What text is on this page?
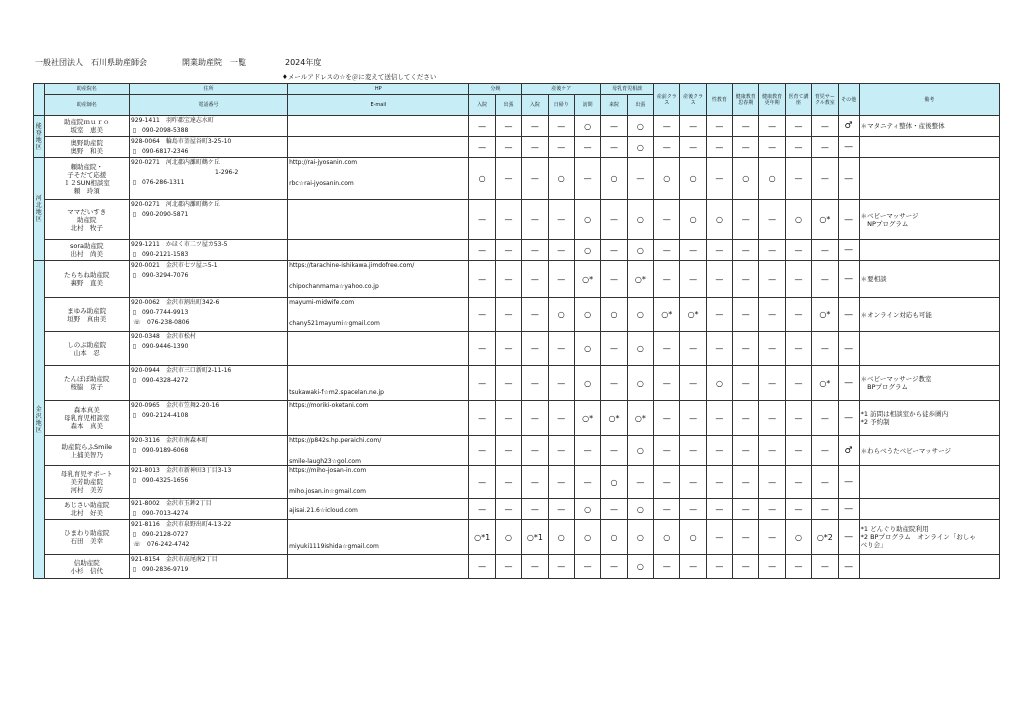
一般社団法人　石川県助産師会	開業助産院　一覧	2024年度
♦メールアドレスの☆を＠に変えて送信してください
	助産院名	住所	HP	分娩		産後ケア			母乳育児相談		産前クラス	産後クラス	性教育	健康教育思春期	健康教育更年期	医育て講座	育児サークル教室	その他	備考
	助産師名	電話番号	E-mail	入院	出張	入院	日帰り	訪問	来院	出張									

能
登
地
区	助産院ｍｕｒｏ
坂室　恵美	929-1411　羽咋郡宝達志水町
▯ 090-2098-5388		—	—	—	—	○	—	○	—	—	—	—	—	—	—	♂	＊マタニティ整体・産後整体

	奥野助産院
奥野　和美	928-0064　輪島市釜屋谷町3-25-10
▯ 090-6817-2346		—	—	—	—	—	—	○	—	—	—	—	—	—	—	—	

河
北
地
区	頼助産院・
子そだて応援
１２SUN相談室
頼　玲須	920-0271　河北郡内灘町鶴ケ丘
1-296-2
▯ 076-286-1311	http://rai-jyosanin.com
rbc☆rai-jyosanin.com	○	—	—	○	—	○	—	○	○	—	○	○	—	—	—	

	ママだいすき
助産院
北村　牧子	920-0271　河北郡内灘町鶴ケ丘
▯ 090-2090-5871		—	—	—	—	○	—	○	—	○	○	—	—	○	○*	—	＊ベビーマッサージ
　NPプログラム

	sora助産院
出村　尚美	929-1211　かほく市二ツ屋カ53-5
▯ 090-2121-1583		—	—	—	—	○	—	○	—	—	—	—	—	—	—	—	

金
沢
地
区	たらちね助産院
裏野　直美	920-0021　金沢市七ツ屋ニ5-1
▯ 090-3294-7076	https://tarachine-ishikawa.jimdofree.com/
chipochanmama☆yahoo.co.jp	—	—	—	—	○*	—	○*	—	—	—	—	—	—	—	—	＊要相談

	まゆみ助産院
垣野　真由美	920-0062　金沢市割出町342-6
▯ 090-7744-9913
☏ 076-238-0806	mayumi-midwife.com
chany521mayumi☆gmail.com	—	—	—	○	○	○	○	○*	○*	—	—	—	—	○*	—	＊オンライン対応も可能

	しのぶ助産院
山本　忍	920-0348　金沢市松村
▯ 090-9446-1390		—	—	—	—	○	—	○	—	—	—	—	—	—	—	—	

	たんぽぽ助産院
桜脇　京子	920-0944　金沢市三口新町2-11-16
▯ 090-4328-4272	tsukawaki-f☆m2.spacelan.ne.jp	—	—	—	—	○	—	○	—	—	○	—	—	—	○*	—	＊ベビーマッサージ教室
　BPプログラム

	森本真美
母乳育児相談室
森本　真美	920-0965　金沢市笠舞2-20-16
▯ 090-2124-4108	https://moriki-oketani.com	—	—	—	—	○*	○*	○*	—	—	—	—	—	—	—	—	*1 訪問は相談室から徒歩圏内
*2 予約制

	助産院らふSmile
上捕美智乃	920-3116　金沢市南森本町
▯ 090-9189-6068	https://p842s.hp.peraichi.com/
smile-laugh23☆gol.com	—	—	—	—	—	—	○	—	—	—	—	—	—	—	♂	＊わらべうたベビーマッサージ

	母乳育児サポート
美芳助産院
河村　美芳	921-8013　金沢市新神田3丁目3-13
▯ 090-4325-1656	https://miho-josan-in.com
miho.josan.in☆gmail.com	—	—	—	—	—	○	—	—	—	—	—	—	—	—	—	

	あじさい助産院
北村　好美	921-8002　金沢市玉鉾2丁目
▯ 090-7013-4274	ajisai.21.6☆icloud.com	—	—	—	—	○	—	○	—	—	—	—	—	—	—	—	

	ひまわり助産院
石田　美幸	921-8116　金沢市泉野出町4-13-22
▯ 090-2128-0727
☏ 076-242-4742	miyuki1119ishida☆gmail.com	○*1	○	○*1	○	○	○	○	○	○	—	—	—	○	○*2	—	*1 どんぐり助産院利用
*2 BPプログラム　オンライン「おしゃ
べり会」

	信助産院
小杉　信代	921-8154　金沢市高尾南2丁目
▯ 090-2836-9719		—	—	—	—	—	—	○	—	—	—	—	—	—	—	—	
